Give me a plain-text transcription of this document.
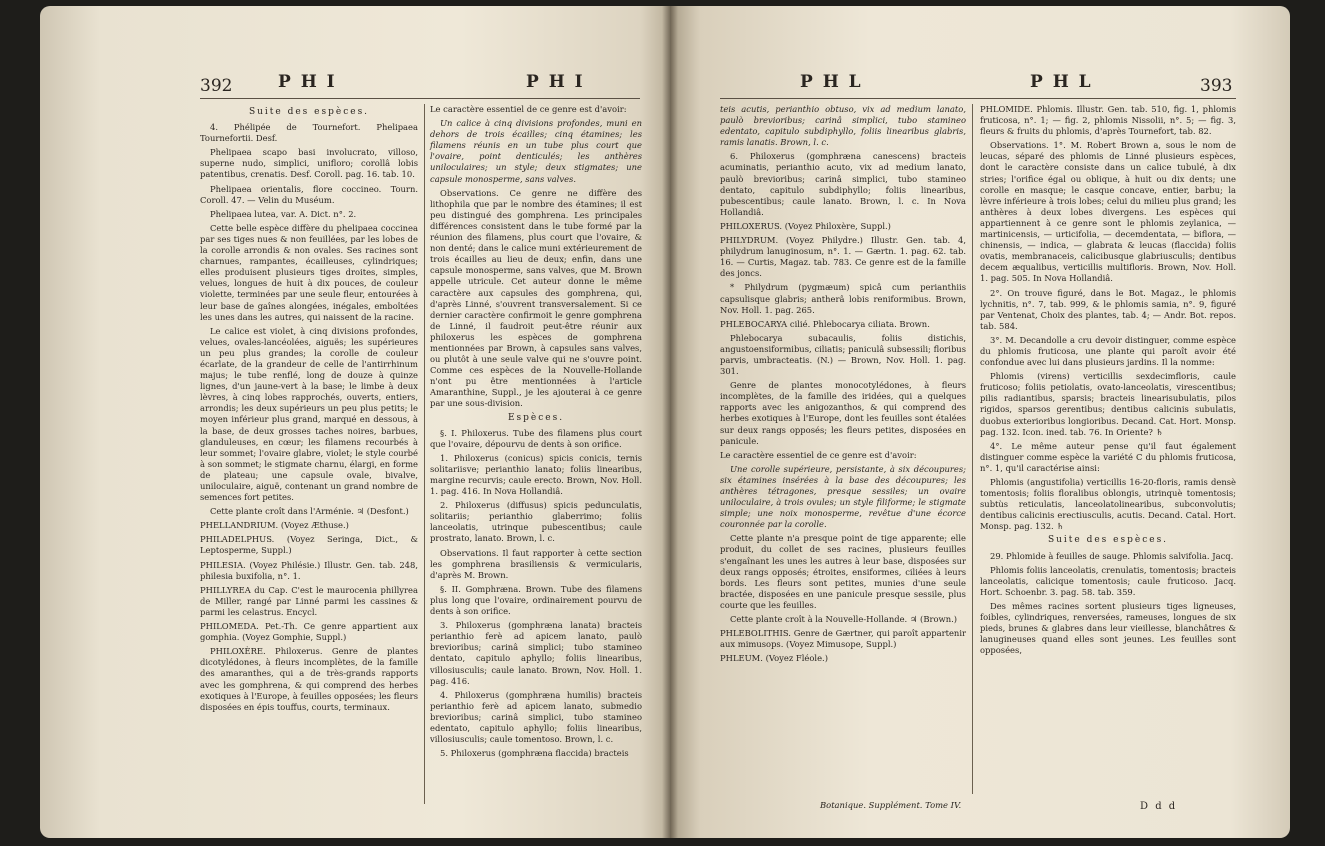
392	P H I	P H I

Suite des espèces.

4. Phélipée de Tournefort. Phelipaea Tournefortii. Desf.

Phelipaea scapo basi involucrato, villoso, superne nudo, simplici, unifloro; corollâ lobis patentibus, crenatis. Desf. Coroll. pag. 16. tab. 10.

Phelipaea orientalis, flore coccineo. Tourn. Coroll. 47. — Velin du Muséum.

Phelipaea lutea, var. A. Dict. n°. 2.

Cette belle espèce diffère du phelipaea coccinea par ses tiges nues & non feuillées, par les lobes de la corolle arrondis & non ovales. Ses racines sont charnues, rampantes, écailleuses, cylindriques; elles produisent plusieurs tiges droites, simples, velues, longues de huit à dix pouces, de couleur violette, terminées par une seule fleur, entourées à leur base de gaînes alongées, inégales, emboîtées les unes dans les autres, qui naissent de la racine.

Le calice est violet, à cinq divisions profondes, velues, ovales-lancéolées, aiguës; les supérieures un peu plus grandes; la corolle de couleur écarlate, de la grandeur de celle de l'antirrhinum majus; le tube renflé, long de douze à quinze lignes, d'un jaune-vert à la base; le limbe à deux lèvres, à cinq lobes rapprochés, ouverts, entiers, arrondis; les deux supérieurs un peu plus petits; le moyen inférieur plus grand, marqué en dessous, à la base, de deux grosses taches noires, barbues, glanduleuses, en cœur; les filamens recourbés à leur sommet; l'ovaire glabre, violet; le style courbé à son sommet; le stigmate charnu, élargi, en forme de plateau; une capsule ovale, bivalve, uniloculaire, aiguë, contenant un grand nombre de semences fort petites.

Cette plante croît dans l'Arménie. ♃ (Desfont.)

PHELLANDRIUM. (Voyez Æthuse.)

PHILADELPHUS. (Voyez Seringa, Dict., & Leptosperme, Suppl.)

PHILESIA. (Voyez Philésie.) Illustr. Gen. tab. 248, philesia buxifolia, n°. 1.

PHILLYREA du Cap. C'est le maurocenia phillyrea de Miller, rangé par Linné parmi les cassines & parmi les celastrus. Encycl.

PHILOMEDA. Pet.-Th. Ce genre appartient aux gomphia. (Voyez Gomphie, Suppl.)

PHILOXÈRE. Philoxerus. Genre de plantes dicotylédones, à fleurs incomplètes, de la famille des amaranthes, qui a de très-grands rapports avec les gomphrena, & qui comprend des herbes exotiques à l'Europe, à feuilles opposées; les fleurs disposées en épis touffus, courts, terminaux.

Le caractère essentiel de ce genre est d'avoir:

Un calice à cinq divisions profondes, muni en dehors de trois écailles; cinq étamines; les filamens réunis en un tube plus court que l'ovaire, point denticulés; les anthères uniloculaires; un style; deux stigmates; une capsule monosperme, sans valves.

Observations. Ce genre ne diffère des lithophila que par le nombre des étamines; il est peu distingué des gomphrena. Les principales différences consistent dans le tube formé par la réunion des filamens, plus court que l'ovaire, & non denté; dans le calice muni extérieurement de trois écailles au lieu de deux; enfin, dans une capsule monosperme, sans valves, que M. Brown appelle utricule. Cet auteur donne le même caractère aux capsules des gomphrena, qui, d'après Linné, s'ouvrent transversalement. Si ce dernier caractère confirmoit le genre gomphrena de Linné, il faudroit peut-être réunir aux philoxerus les espèces de gomphrena mentionnées par Brown, à capsules sans valves, ou plutôt à une seule valve qui ne s'ouvre point. Comme ces espèces de la Nouvelle-Hollande n'ont pu être mentionnées à l'article Amaranthine, Suppl., je les ajouterai à ce genre par une sous-division.

Espèces.

§. I. Philoxerus. Tube des filamens plus court que l'ovaire, dépourvu de dents à son orifice.

1. Philoxerus (conicus) spicis conicis, ternis solitariisve; perianthio lanato; foliis linearibus, margine recurvis; caule erecto. Brown, Nov. Holl. 1. pag. 416. In Nova Hollandiâ.

2. Philoxerus (diffusus) spicis pedunculatis, solitariis; perianthio glaberrimo; foliis lanceolatis, utrinque pubescentibus; caule prostrato, lanato. Brown, l. c.

Observations. Il faut rapporter à cette section les gomphrena brasiliensis & vermicularis, d'après M. Brown.

§. II. Gomphræna. Brown. Tube des filamens plus long que l'ovaire, ordinairement pourvu de dents à son orifice.

3. Philoxerus (gomphræna lanata) bracteis perianthio ferè ad apicem lanato, paulò brevioribus; carinâ simplici; tubo stamineo dentato, capitulo aphyllo; foliis linearibus, villosiusculis; caule lanato. Brown, Nov. Holl. 1. pag. 416.

4. Philoxerus (gomphræna humilis) bracteis perianthio ferè ad apicem lanato, submedio brevioribus; carinâ simplici, tubo stamineo edentato, capitulo aphyllo; foliis linearibus, villosiusculis; caule tomentoso. Brown, l. c.

5. Philoxerus (gomphræna flaccida) bracteis

P H L	P H L	393

teis acutis, perianthio obtuso, vix ad medium lanato, paulò brevioribus; carinâ simplici, tubo stamineo edentato, capitulo subdiphyllo, foliis linearibus glabris, ramis lanatis. Brown, l. c.

6. Philoxerus (gomphræna canescens) bracteis acuminatis, perianthio acuto, vix ad medium lanato, paulò brevioribus; carinâ simplici, tubo stamineo dentato, capitulo subdiphyllo; foliis linearibus, pubescentibus; caule lanato. Brown, l. c. In Nova Hollandiâ.

PHILOXERUS. (Voyez Philoxère, Suppl.)

PHILYDRUM. (Voyez Philydre.) Illustr. Gen. tab. 4, philydrum lanuginosum, n°. 1. — Gærtn. 1. pag. 62. tab. 16. — Curtis, Magaz. tab. 783. Ce genre est de la famille des joncs.

* Philydrum (pygmæum) spicâ cum perianthiis capsulisque glabris; antherâ lobis reniformibus. Brown, Nov. Holl. 1. pag. 265.

PHLEBOCARYA cilié. Phlebocarya ciliata. Brown.

Phlebocarya subacaulis, foliis distichis, angustoensiformibus, ciliatis; paniculâ subsessili; floribus parvis, umbracteatis. (N.) — Brown, Nov. Holl. 1. pag. 301.

Genre de plantes monocotylédones, à fleurs incomplètes, de la famille des iridées, qui a quelques rapports avec les anigozanthos, & qui comprend des herbes exotiques à l'Europe, dont les feuilles sont étalées sur deux rangs opposés; les fleurs petites, disposées en panicule.

Le caractère essentiel de ce genre est d'avoir:

Une corolle supérieure, persistante, à six découpures; six étamines insérées à la base des découpures; les anthères tétragones, presque sessiles; un ovaire uniloculaire, à trois ovules; un style filiforme; le stigmate simple; une noix monosperme, revêtue d'une écorce couronnée par la corolle.

Cette plante n'a presque point de tige apparente; elle produit, du collet de ses racines, plusieurs feuilles s'engaînant les unes les autres à leur base, disposées sur deux rangs opposés; étroites, ensiformes, ciliées à leurs bords. Les fleurs sont petites, munies d'une seule bractée, disposées en une panicule presque sessile, plus courte que les feuilles.

Cette plante croît à la Nouvelle-Hollande. ♃ (Brown.)

PHLEBOLITHIS. Genre de Gærtner, qui paroît appartenir aux mimusops. (Voyez Mimusope, Suppl.)

PHLEUM. (Voyez Fléole.)

PHLOMIDE. Phlomis. Illustr. Gen. tab. 510, fig. 1, phlomis fruticosa, n°. 1; — fig. 2, phlomis Nissolii, n°. 5; — fig. 3, fleurs & fruits du phlomis, d'après Tournefort, tab. 82.

Observations. 1°. M. Robert Brown a, sous le nom de leucas, séparé des phlomis de Linné plusieurs espèces, dont le caractère consiste dans un calice tubulé, à dix stries; l'orifice égal ou oblique, à huit ou dix dents; une corolle en masque; le casque concave, entier, barbu; la lèvre inférieure à trois lobes; celui du milieu plus grand; les anthères à deux lobes divergens. Les espèces qui appartiennent à ce genre sont le phlomis zeylanica, — martinicensis, — urticifolia, — decemdentata, — biflora, — chinensis, — indica, — glabrata & leucas (flaccida) foliis ovatis, membranaceis, calicibusque glabriusculis; dentibus decem æqualibus, verticillis multifloris. Brown, Nov. Holl. 1. pag. 505. In Nova Hollandiâ.

2°. On trouve figuré, dans le Bot. Magaz., le phlomis lychnitis, n°. 7, tab. 999, & le phlomis samia, n°. 9, figuré par Ventenat, Choix des plantes, tab. 4; — Andr. Bot. repos. tab. 584.

3°. M. Decandolle a cru devoir distinguer, comme espèce du phlomis fruticosa, une plante qui paroît avoir été confondue avec lui dans plusieurs jardins. Il la nomme:

Phlomis (virens) verticillis sexdecimfloris, caule fruticoso; foliis petiolatis, ovato-lanceolatis, virescentibus; pilis radiantibus, sparsis; bracteis linearisubulatis, pilos rigidos, sparsos gerentibus; dentibus calicinis subulatis, duobus exterioribus longioribus. Decand. Cat. Hort. Monsp. pag. 132. Icon. ined. tab. 76. In Oriente? ♄

4°. Le même auteur pense qu'il faut également distinguer comme espèce la variété C du phlomis fruticosa, n°. 1, qu'il caractérise ainsi:

Phlomis (angustifolia) verticillis 16-20-floris, ramis densè tomentosis; foliis floralibus oblongis, utrinquè tomentosis; subtùs reticulatis, lanceolatolinearibus, subconvolutis; dentibus calicinis erectiusculis, acutis. Decand. Catal. Hort. Monsp. pag. 132. ♄

Suite des espèces.

29. Phlomide à feuilles de sauge. Phlomis salvifolia. Jacq.

Phlomis foliis lanceolatis, crenulatis, tomentosis; bracteis lanceolatis, calicique tomentosis; caule fruticoso. Jacq. Hort. Schoenbr. 3. pag. 58. tab. 359.

Des mêmes racines sortent plusieurs tiges ligneuses, foibles, cylindriques, renversées, rameuses, longues de six pieds, brunes & glabres dans leur vieillesse, blanchâtres & lanugineuses quand elles sont jeunes. Les feuilles sont opposées,

Botanique. Supplément. Tome IV.	D d d
